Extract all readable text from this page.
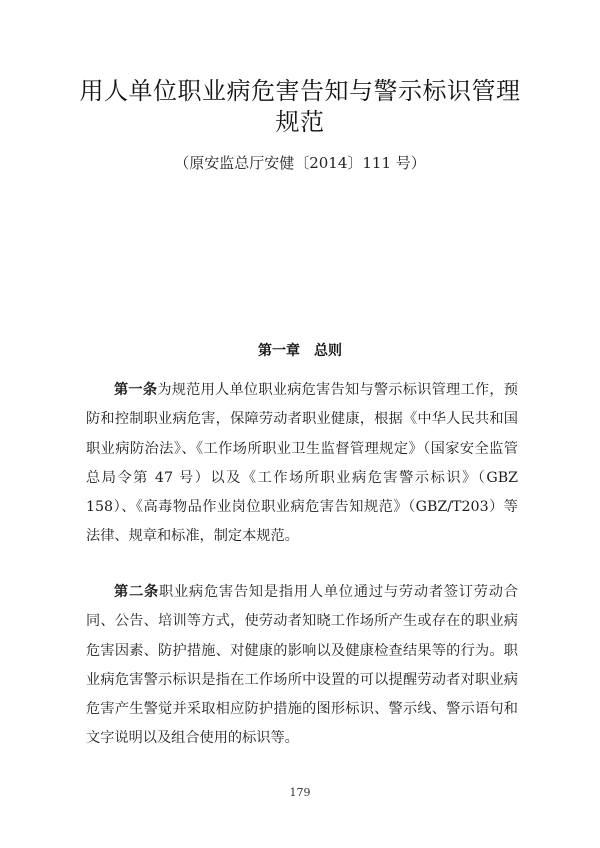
用人单位职业病危害告知与警示标识管理
规范
（原安监总厅安健〔2014〕111 号）
第一章　总则
第一条为规范用人单位职业病危害告知与警示标识管理工作，预防和控制职业病危害，保障劳动者职业健康，根据《中华人民共和国职业病防治法》、《工作场所职业卫生监督管理规定》（国家安全监管总局令第 47 号）以及《工作场所职业病危害警示标识》（GBZ 158）、《高毒物品作业岗位职业病危害告知规范》（GBZ/T203）等法律、规章和标准，制定本规范。
第二条职业病危害告知是指用人单位通过与劳动者签订劳动合同、公告、培训等方式，使劳动者知晓工作场所产生或存在的职业病危害因素、防护措施、对健康的影响以及健康检查结果等的行为。职业病危害警示标识是指在工作场所中设置的可以提醒劳动者对职业病危害产生警觉并采取相应防护措施的图形标识、警示线、警示语句和文字说明以及组合使用的标识等。
179
